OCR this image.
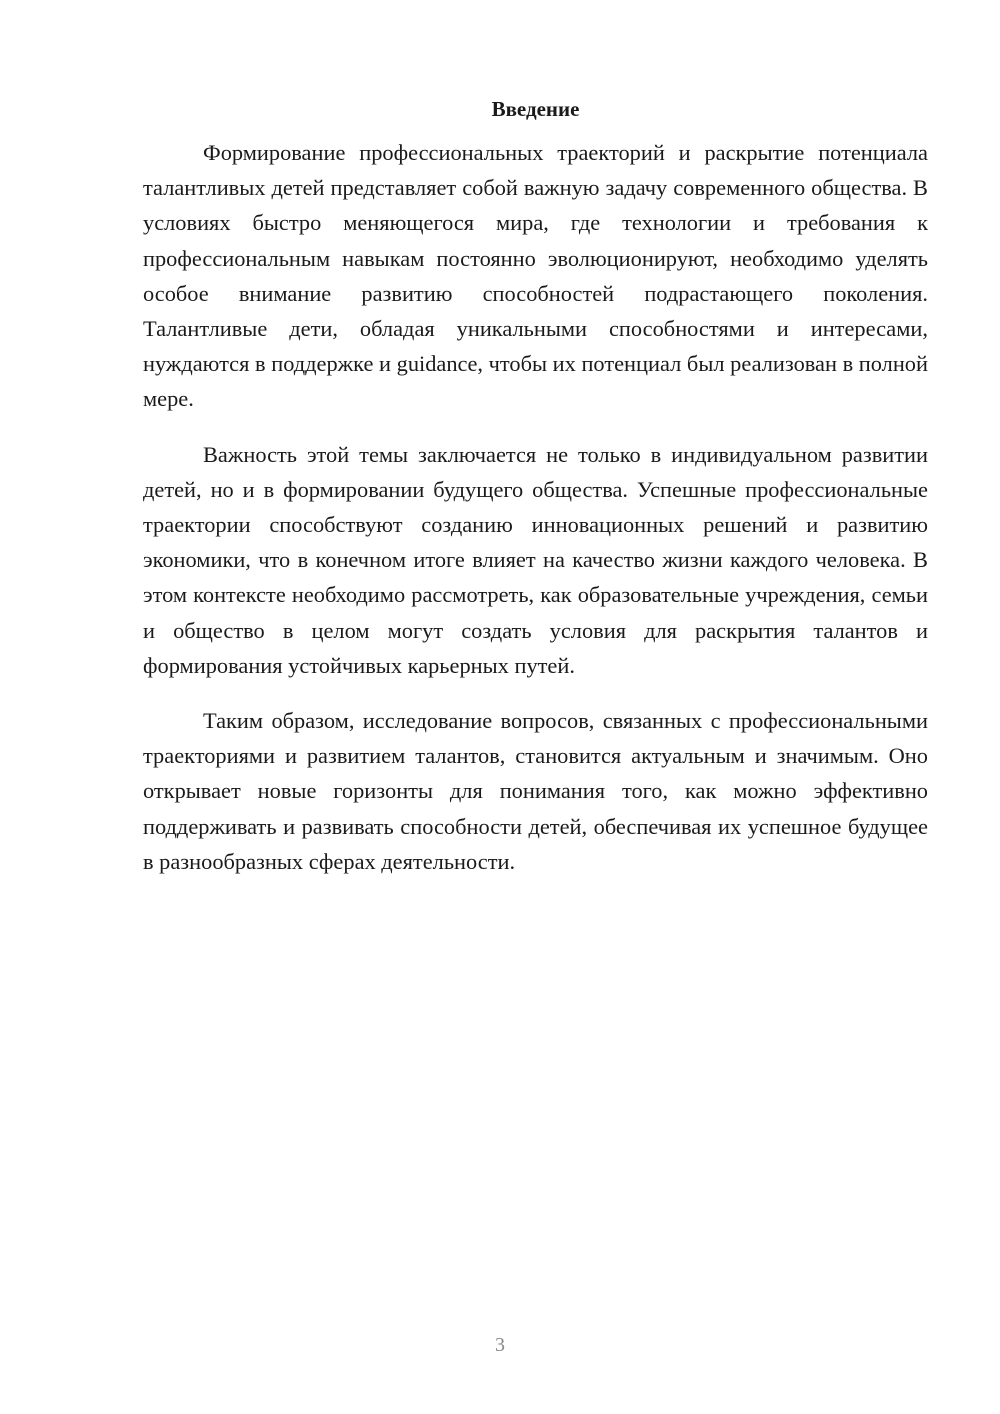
Введение

Формирование профессиональных траекторий и раскрытие потенциала талантливых детей представляет собой важную задачу современного общества. В условиях быстро меняющегося мира, где технологии и требования к профессиональным навыкам постоянно эволюционируют, необходимо уделять особое внимание развитию способностей подрастающего поколения. Талантливые дети, обладая уникальными способностями и интересами, нуждаются в поддержке и guidance, чтобы их потенциал был реализован в полной мере.

Важность этой темы заключается не только в индивидуальном развитии детей, но и в формировании будущего общества. Успешные профессиональные траектории способствуют созданию инновационных решений и развитию экономики, что в конечном итоге влияет на качество жизни каждого человека. В этом контексте необходимо рассмотреть, как образовательные учреждения, семьи и общество в целом могут создать условия для раскрытия талантов и формирования устойчивых карьерных путей.

Таким образом, исследование вопросов, связанных с профессиональными траекториями и развитием талантов, становится актуальным и значимым. Оно открывает новые горизонты для понимания того, как можно эффективно поддерживать и развивать способности детей, обеспечивая их успешное будущее в разнообразных сферах деятельности.

3
